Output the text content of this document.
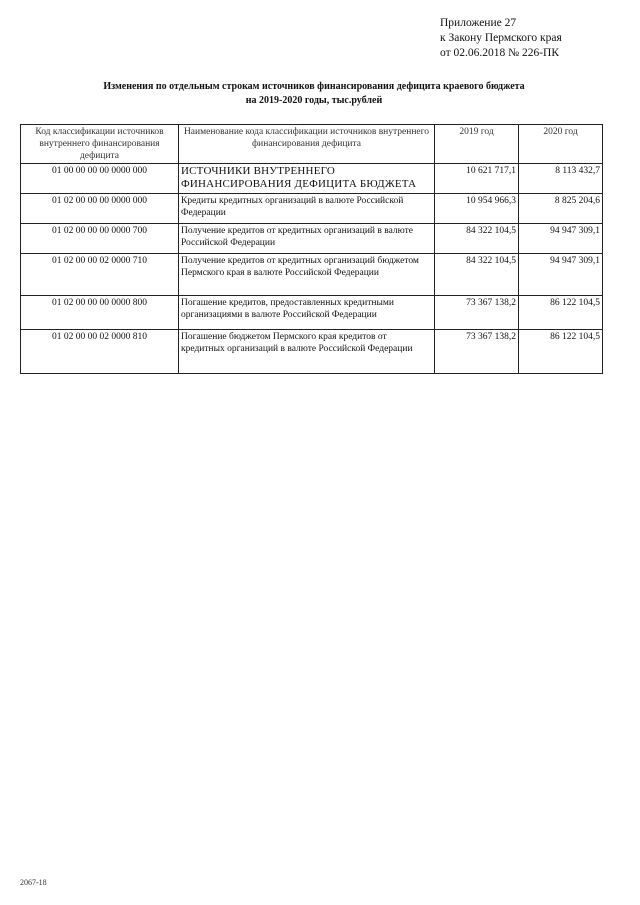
Приложение 27
к Закону Пермского края
от 02.06.2018 № 226-ПК
Изменения по отдельным строкам источников финансирования дефицита краевого бюджета
на 2019-2020 годы, тыс.рублей
Код классификации источников внутреннего финансирования дефицита	Наименование кода классификации источников внутреннего финансирования дефицита	2019 год	2020 год
01 00 00 00 00 0000 000	ИСТОЧНИКИ ВНУТРЕННЕГО ФИНАНСИРОВАНИЯ ДЕФИЦИТА БЮДЖЕТА	10 621 717,1	8 113 432,7
01 02 00 00 00 0000 000	Кредиты кредитных организаций в валюте Российской Федерации	10 954 966,3	8 825 204,6
01 02 00 00 00 0000 700	Получение кредитов от кредитных организаций в валюте Российской Федерации	84 322 104,5	94 947 309,1
01 02 00 00 02 0000 710	Получение кредитов от кредитных организаций бюджетом Пермского края в валюте Российской Федерации	84 322 104,5	94 947 309,1
01 02 00 00 00 0000 800	Погашение кредитов, предоставленных кредитными организациями в валюте Российской Федерации	73 367 138,2	86 122 104,5
01 02 00 00 02 0000 810	Погашение бюджетом Пермского края кредитов от кредитных организаций в валюте Российской Федерации	73 367 138,2	86 122 104,5
2067-18
